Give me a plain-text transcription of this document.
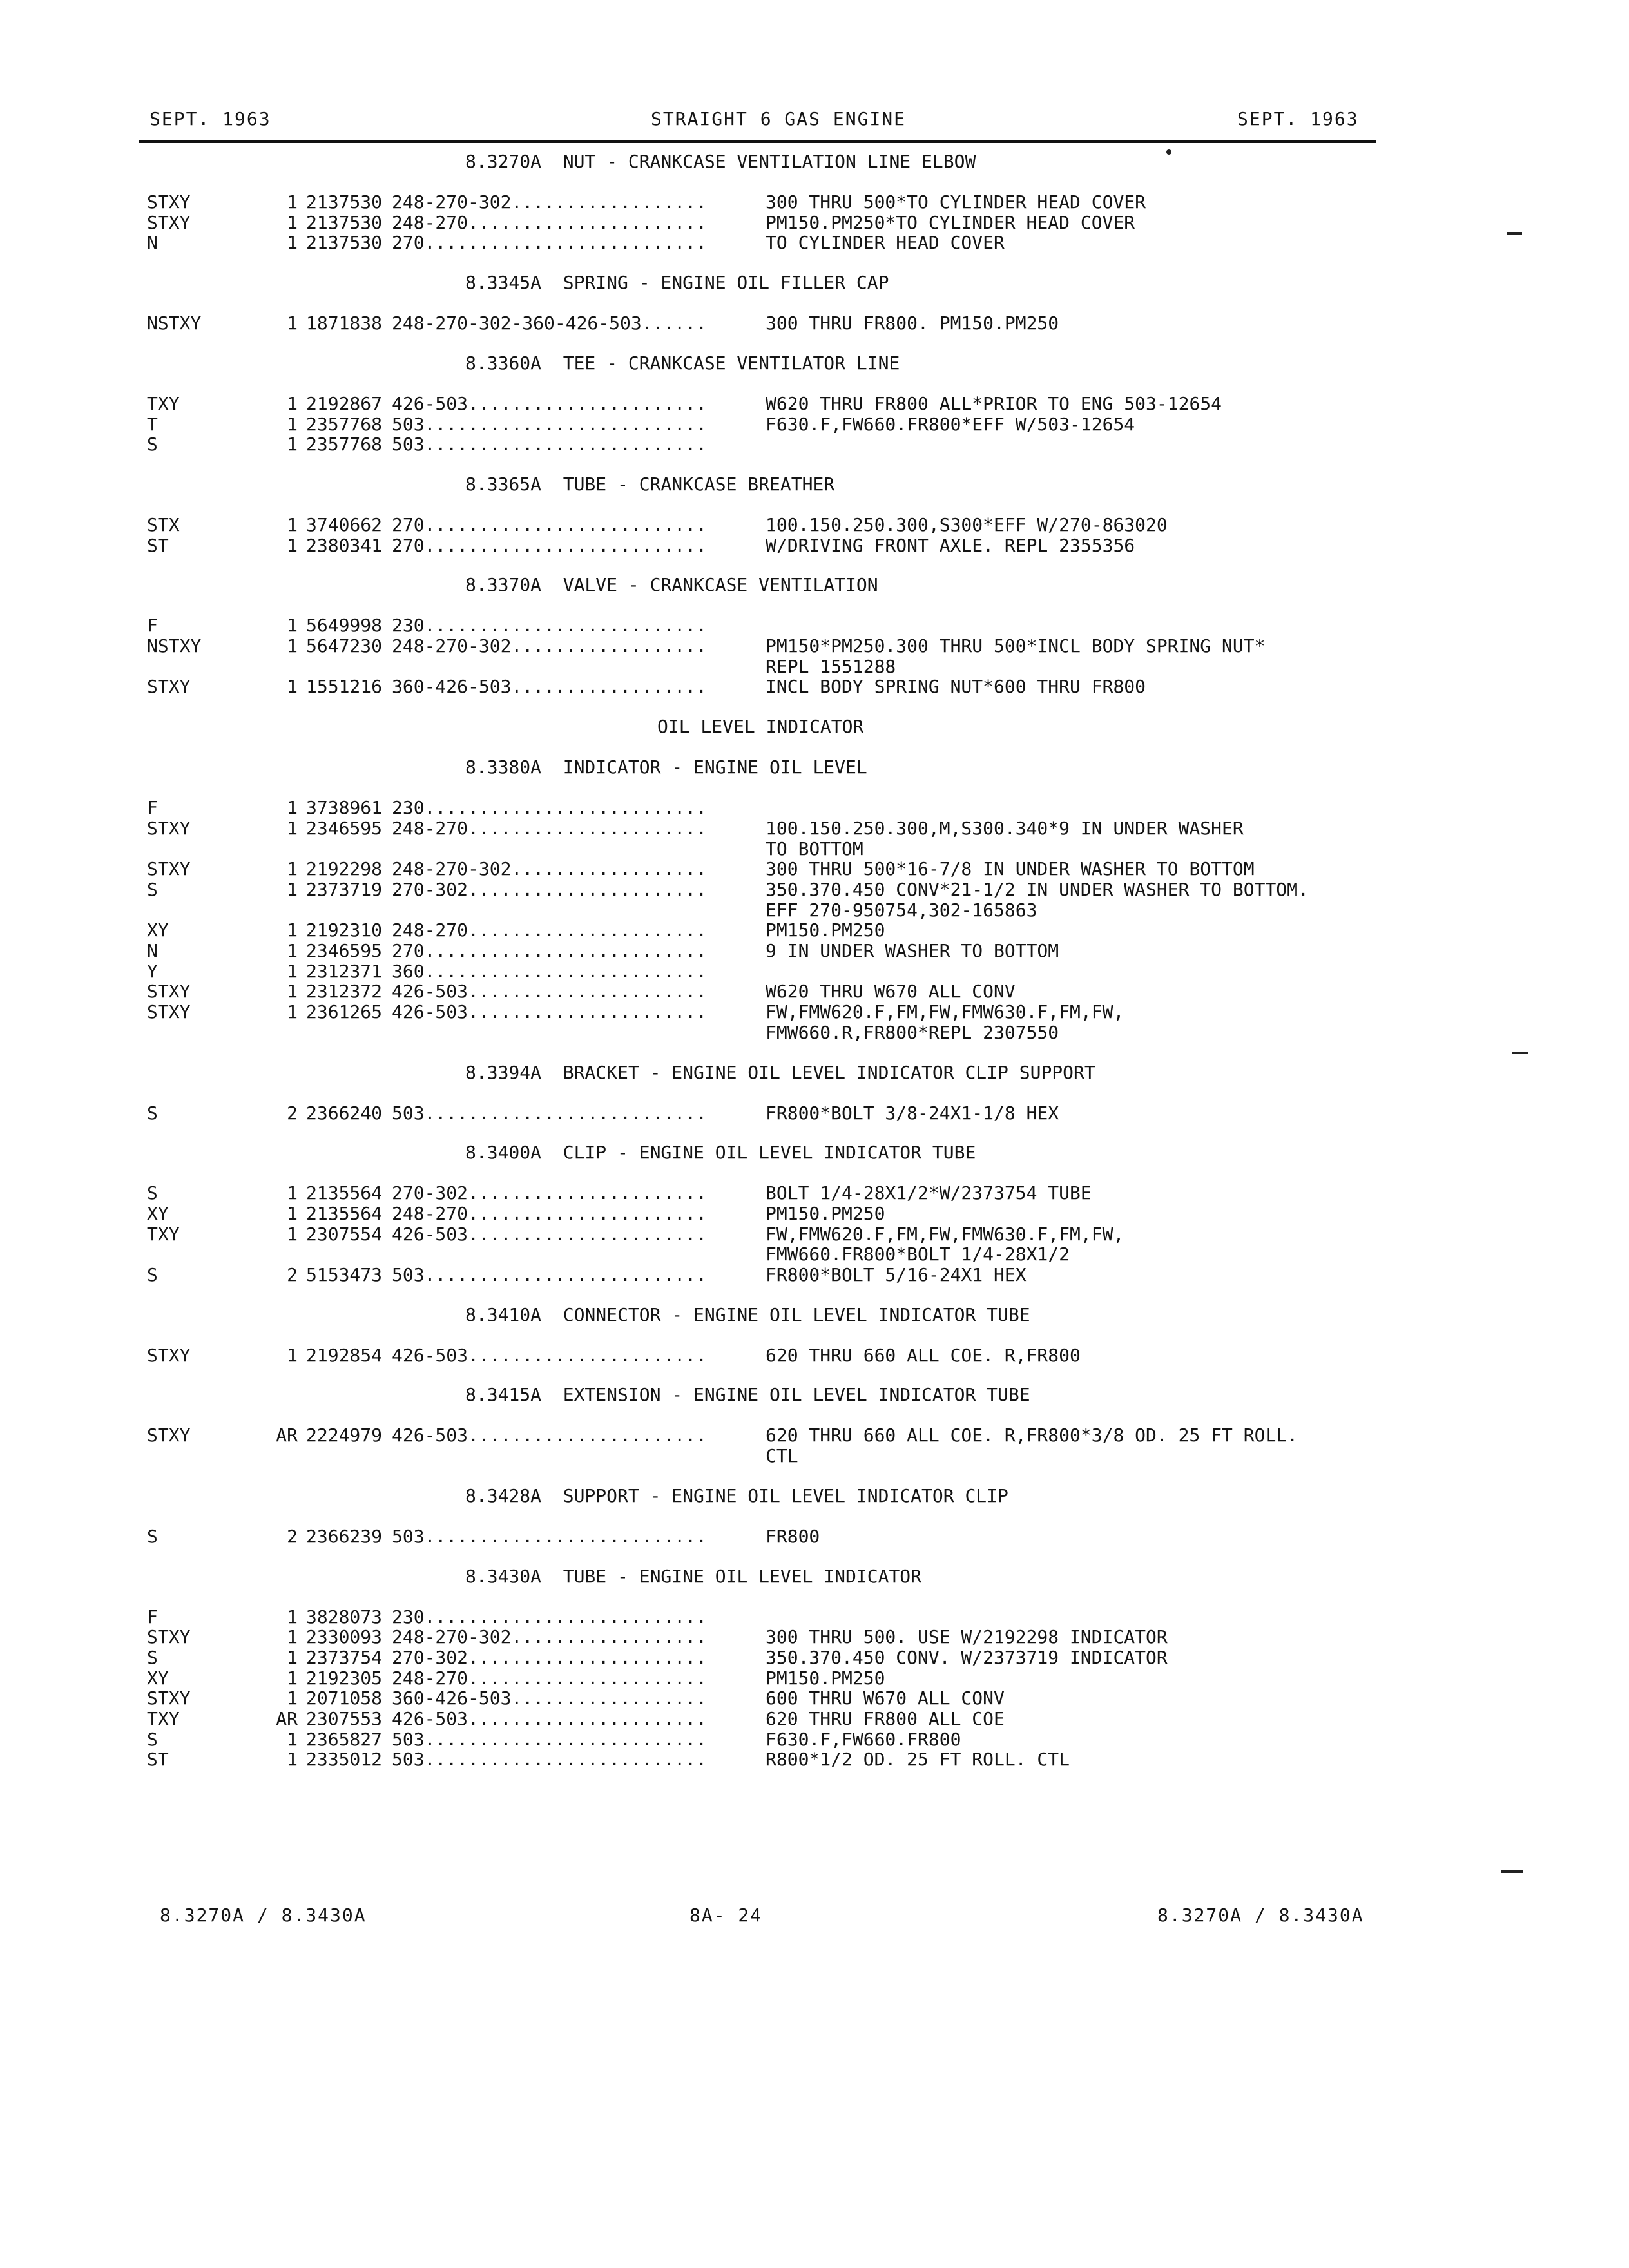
SEPT. 1963	STRAIGHT 6 GAS ENGINE	SEPT. 1963
8.3270A  NUT - CRANKCASE VENTILATION LINE ELBOW
STXY	1 2137530 248-270-302..................	300 THRU 500*TO CYLINDER HEAD COVER
STXY	1 2137530 248-270......................	PM150.PM250*TO CYLINDER HEAD COVER
N	1 2137530 270..........................	TO CYLINDER HEAD COVER
8.3345A  SPRING - ENGINE OIL FILLER CAP
NSTXY	1 1871838 248-270-302-360-426-503......	300 THRU FR800. PM150.PM250
8.3360A  TEE - CRANKCASE VENTILATOR LINE
TXY	1 2192867 426-503......................	W620 THRU FR800 ALL*PRIOR TO ENG 503-12654
T	1 2357768 503..........................	F630.F,FW660.FR800*EFF W/503-12654
S	1 2357768 503..........................
8.3365A  TUBE - CRANKCASE BREATHER
STX	1 3740662 270..........................	100.150.250.300,S300*EFF W/270-863020
ST	1 2380341 270..........................	W/DRIVING FRONT AXLE. REPL 2355356
8.3370A  VALVE - CRANKCASE VENTILATION
F	1 5649998 230..........................
NSTXY	1 5647230 248-270-302..................	PM150*PM250.300 THRU 500*INCL BODY SPRING NUT*
REPL 1551288
STXY	1 1551216 360-426-503..................	INCL BODY SPRING NUT*600 THRU FR800
OIL LEVEL INDICATOR
8.3380A  INDICATOR - ENGINE OIL LEVEL
F	1 3738961 230..........................
STXY	1 2346595 248-270......................	100.150.250.300,M,S300.340*9 IN UNDER WASHER
TO BOTTOM
STXY	1 2192298 248-270-302..................	300 THRU 500*16-7/8 IN UNDER WASHER TO BOTTOM
S	1 2373719 270-302......................	350.370.450 CONV*21-1/2 IN UNDER WASHER TO BOTTOM.
EFF 270-950754,302-165863
XY	1 2192310 248-270......................	PM150.PM250
N	1 2346595 270..........................	9 IN UNDER WASHER TO BOTTOM
Y	1 2312371 360..........................
STXY	1 2312372 426-503......................	W620 THRU W670 ALL CONV
STXY	1 2361265 426-503......................	FW,FMW620.F,FM,FW,FMW630.F,FM,FW,
FMW660.R,FR800*REPL 2307550
8.3394A  BRACKET - ENGINE OIL LEVEL INDICATOR CLIP SUPPORT
S	2 2366240 503..........................	FR800*BOLT 3/8-24X1-1/8 HEX
8.3400A  CLIP - ENGINE OIL LEVEL INDICATOR TUBE
S	1 2135564 270-302......................	BOLT 1/4-28X1/2*W/2373754 TUBE
XY	1 2135564 248-270......................	PM150.PM250
TXY	1 2307554 426-503......................	FW,FMW620.F,FM,FW,FMW630.F,FM,FW,
FMW660.FR800*BOLT 1/4-28X1/2
S	2 5153473 503..........................	FR800*BOLT 5/16-24X1 HEX
8.3410A  CONNECTOR - ENGINE OIL LEVEL INDICATOR TUBE
STXY	1 2192854 426-503......................	620 THRU 660 ALL COE. R,FR800
8.3415A  EXTENSION - ENGINE OIL LEVEL INDICATOR TUBE
STXY	AR 2224979 426-503......................	620 THRU 660 ALL COE. R,FR800*3/8 OD. 25 FT ROLL.
CTL
8.3428A  SUPPORT - ENGINE OIL LEVEL INDICATOR CLIP
S	2 2366239 503..........................	FR800
8.3430A  TUBE - ENGINE OIL LEVEL INDICATOR
F	1 3828073 230..........................
STXY	1 2330093 248-270-302..................	300 THRU 500. USE W/2192298 INDICATOR
S	1 2373754 270-302......................	350.370.450 CONV. W/2373719 INDICATOR
XY	1 2192305 248-270......................	PM150.PM250
STXY	1 2071058 360-426-503..................	600 THRU W670 ALL CONV
TXY	AR 2307553 426-503......................	620 THRU FR800 ALL COE
S	1 2365827 503..........................	F630.F,FW660.FR800
ST	1 2335012 503..........................	R800*1/2 OD. 25 FT ROLL. CTL
8.3270A / 8.3430A	8A- 24	8.3270A / 8.3430A
